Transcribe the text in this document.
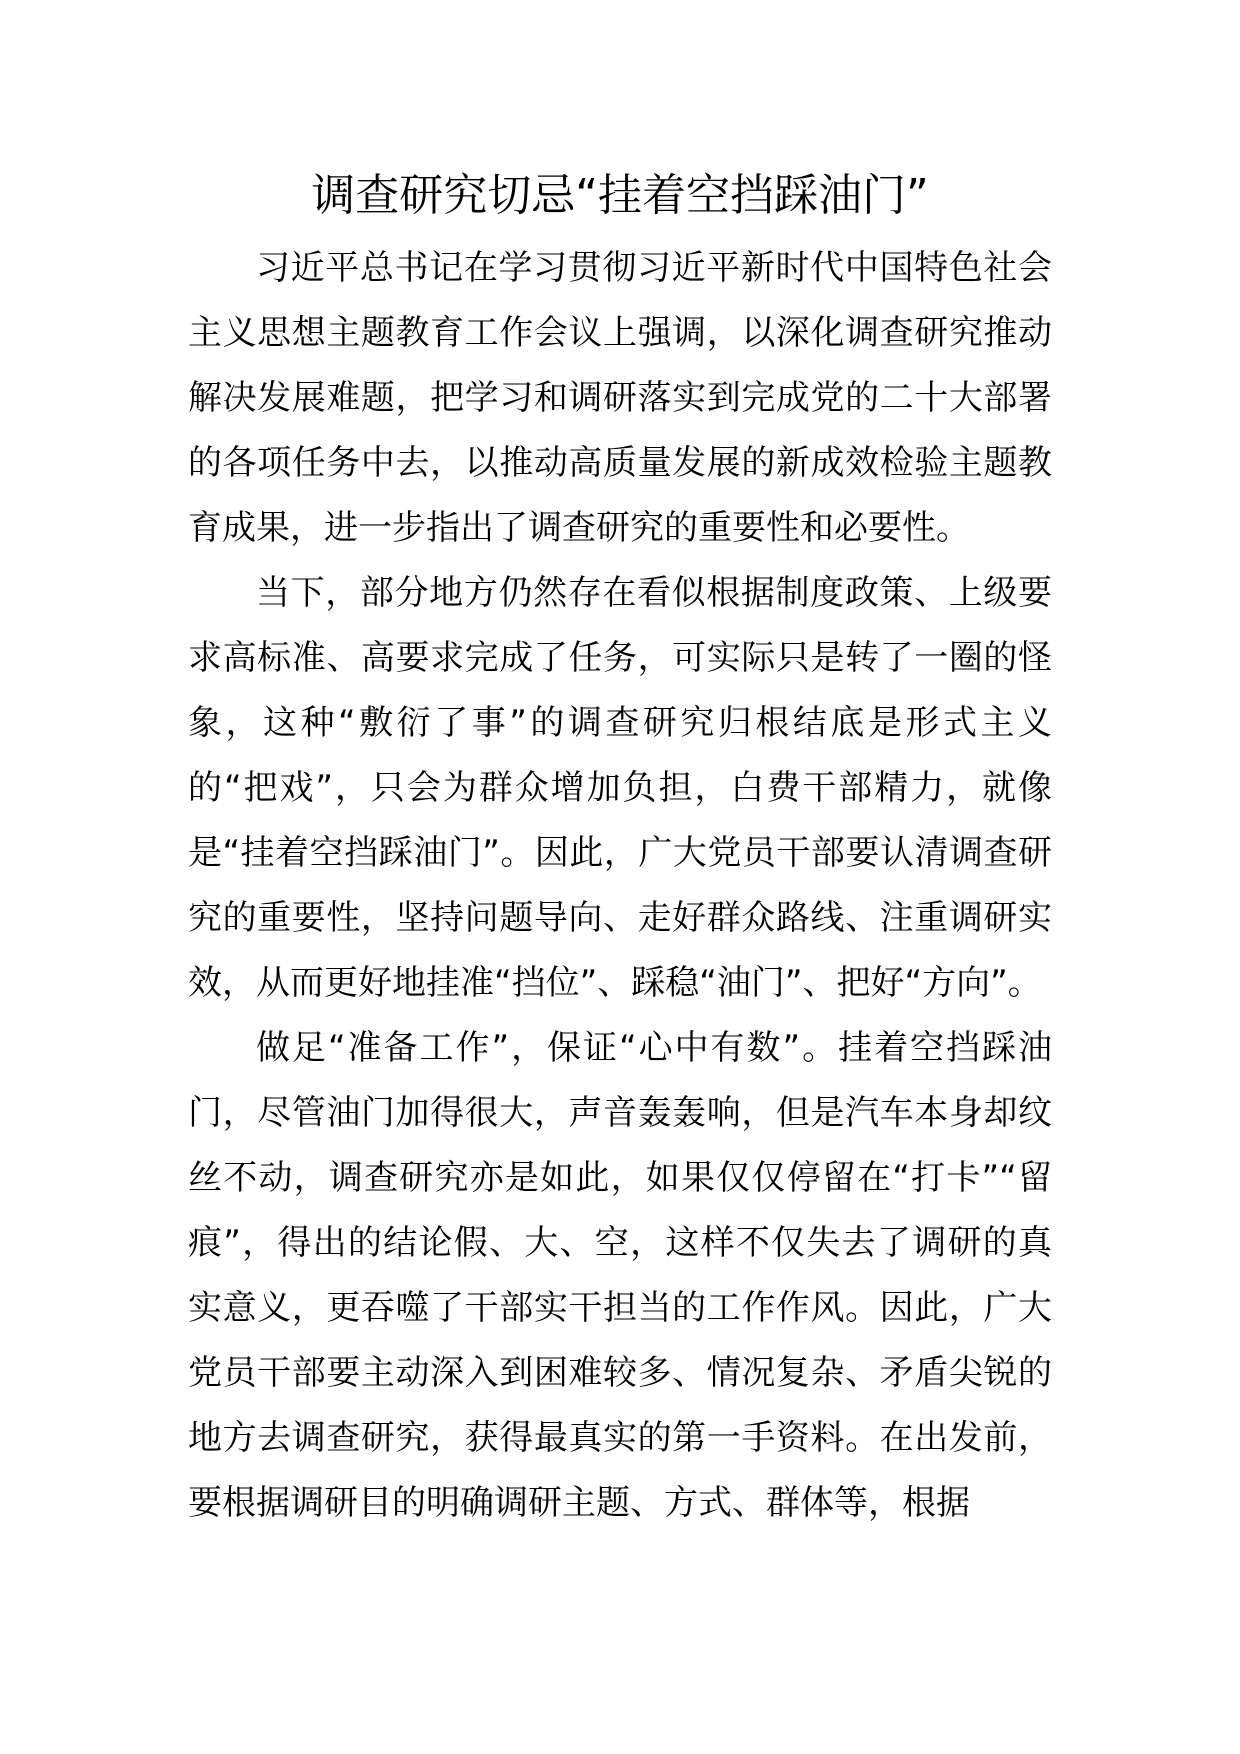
调查研究切忌“挂着空挡踩油门”

习近平总书记在学习贯彻习近平新时代中国特色社会主义思想主题教育工作会议上强调，以深化调查研究推动解决发展难题，把学习和调研落实到完成党的二十大部署的各项任务中去，以推动高质量发展的新成效检验主题教育成果，进一步指出了调查研究的重要性和必要性。

当下，部分地方仍然存在看似根据制度政策、上级要求高标准、高要求完成了任务，可实际只是转了一圈的怪象，这种“敷衍了事”的调查研究归根结底是形式主义的“把戏”，只会为群众增加负担，白费干部精力，就像是“挂着空挡踩油门”。因此，广大党员干部要认清调查研究的重要性，坚持问题导向、走好群众路线、注重调研实效，从而更好地挂准“挡位”、踩稳“油门”、把好“方向”。

做足“准备工作”，保证“心中有数”。挂着空挡踩油门，尽管油门加得很大，声音轰轰响，但是汽车本身却纹丝不动，调查研究亦是如此，如果仅仅停留在“打卡”“留痕”，得出的结论假、大、空，这样不仅失去了调研的真实意义，更吞噬了干部实干担当的工作作风。因此，广大党员干部要主动深入到困难较多、情况复杂、矛盾尖锐的地方去调查研究，获得最真实的第一手资料。在出发前，要根据调研目的明确调研主题、方式、群体等，根据
